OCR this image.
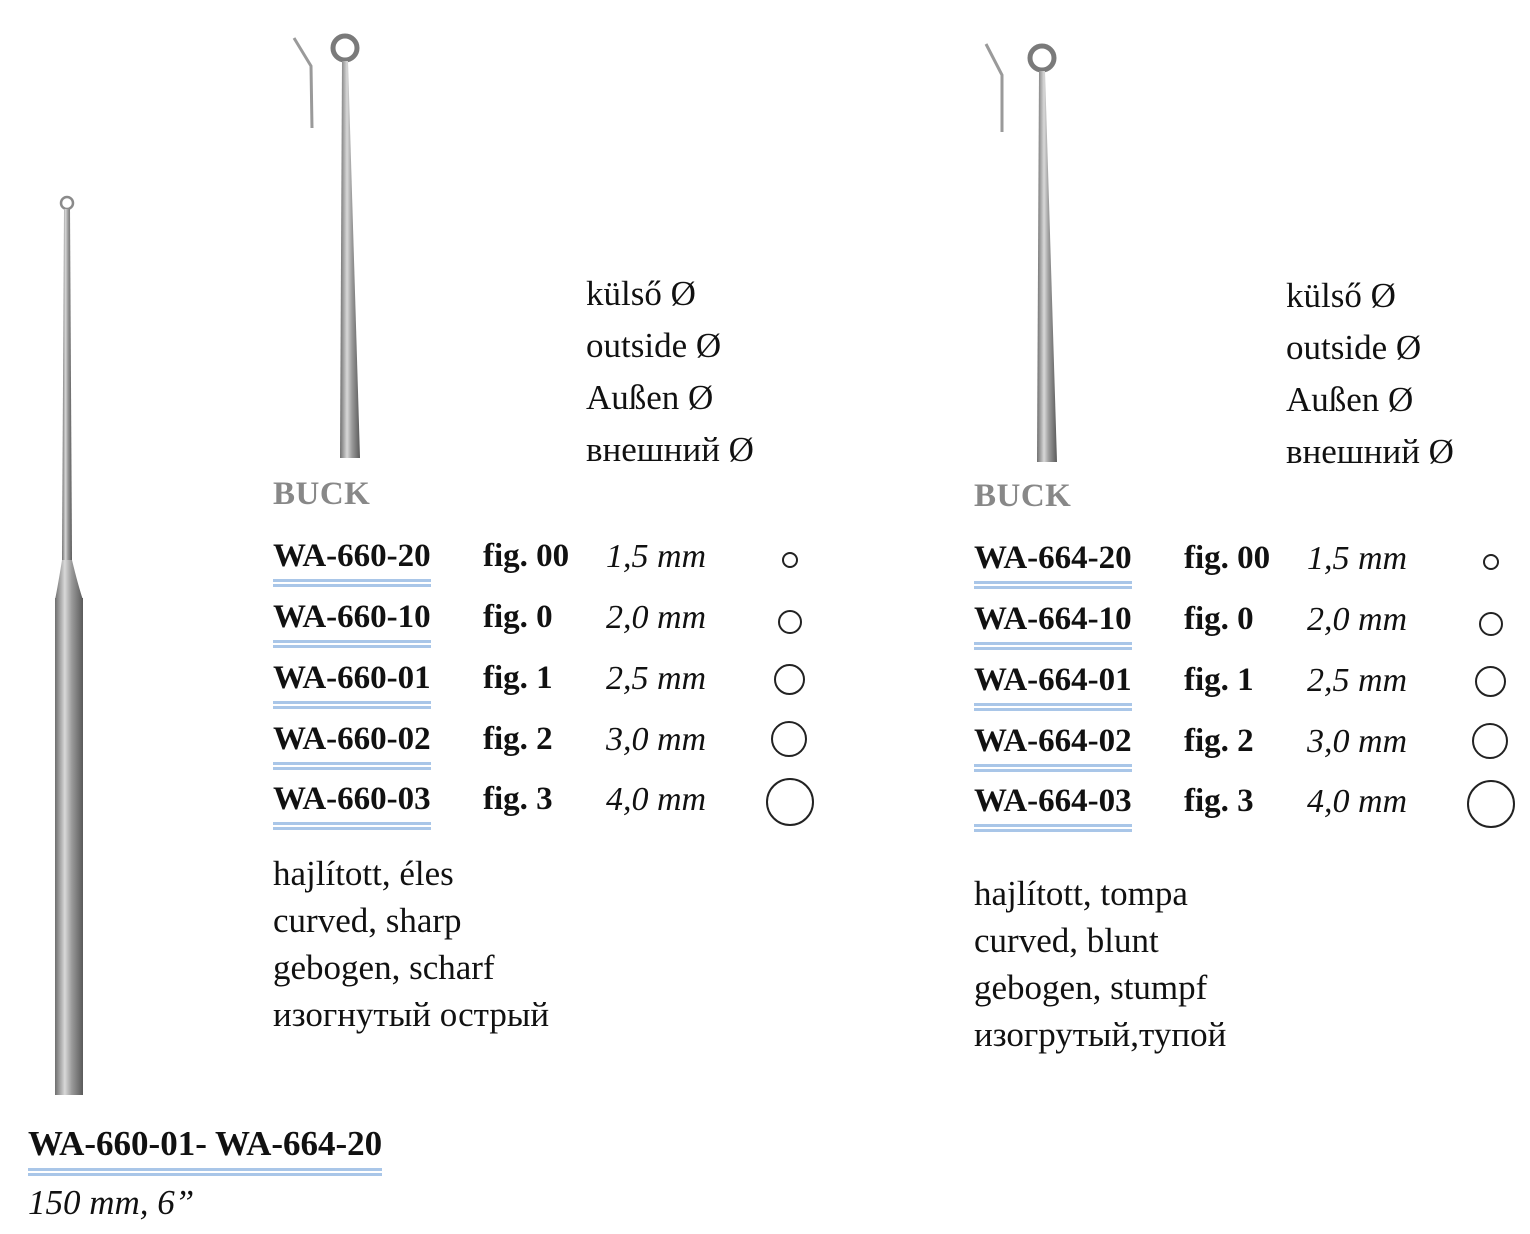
külső Ø
outside Ø
Außen Ø
внешний Ø
BUCK
WA-660-20 fig. 00 1,5 mm
WA-660-10 fig. 0 2,0 mm
WA-660-01 fig. 1 2,5 mm
WA-660-02 fig. 2 3,0 mm
WA-660-03 fig. 3 4,0 mm
hajlított, éles
curved, sharp
gebogen, scharf
изогнутый острый
külső Ø
outside Ø
Außen Ø
внешний Ø
BUCK
WA-664-20 fig. 00 1,5 mm
WA-664-10 fig. 0 2,0 mm
WA-664-01 fig. 1 2,5 mm
WA-664-02 fig. 2 3,0 mm
WA-664-03 fig. 3 4,0 mm
hajlított, tompa
curved, blunt
gebogen, stumpf
изогрутый,тупой
WA-660-01- WA-664-20
150 mm, 6”
